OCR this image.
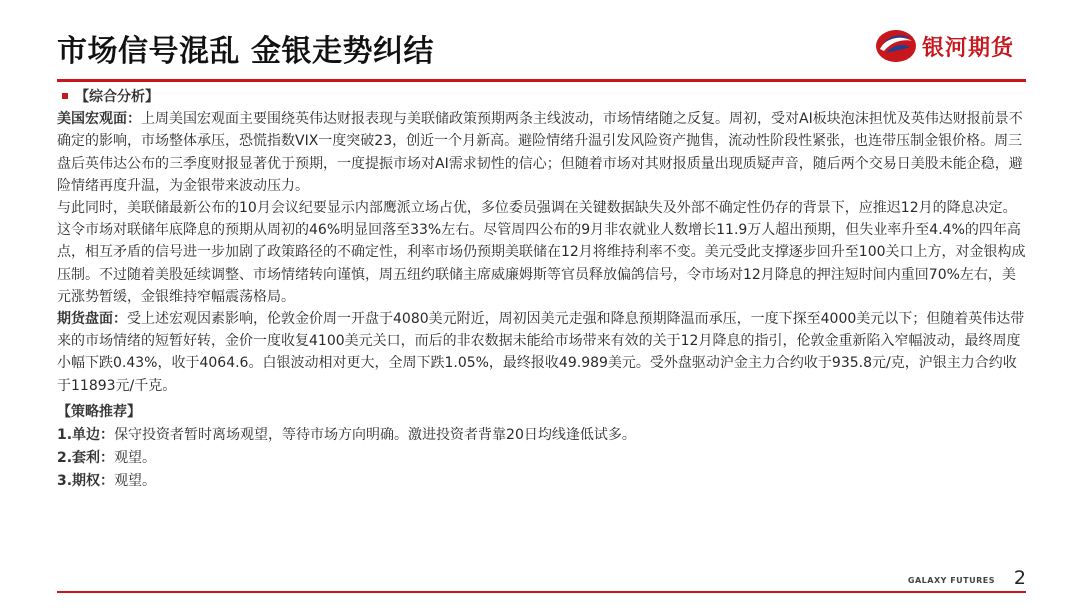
市场信号混乱 金银走势纠结	银河期货

【综合分析】

美国宏观面：上周美国宏观面主要围绕英伟达财报表现与美联储政策预期两条主线波动，市场情绪随之反复。周初，受对AI板块泡沫担忧及英伟达财报前景不确定的影响，市场整体承压，恐慌指数VIX一度突破23，创近一个月新高。避险情绪升温引发风险资产抛售，流动性阶段性紧张，也连带压制金银价格。周三盘后英伟达公布的三季度财报显著优于预期，一度提振市场对AI需求韧性的信心；但随着市场对其财报质量出现质疑声音，随后两个交易日美股未能企稳，避险情绪再度升温，为金银带来波动压力。

与此同时，美联储最新公布的10月会议纪要显示内部鹰派立场占优，多位委员强调在关键数据缺失及外部不确定性仍存的背景下，应推迟12月的降息决定。这令市场对联储年底降息的预期从周初的46%明显回落至33%左右。尽管周四公布的9月非农就业人数增长11.9万人超出预期，但失业率升至4.4%的四年高点，相互矛盾的信号进一步加剧了政策路径的不确定性，利率市场仍预期美联储在12月将维持利率不变。美元受此支撑逐步回升至100关口上方，对金银构成压制。不过随着美股延续调整、市场情绪转向谨慎，周五纽约联储主席威廉姆斯等官员释放偏鸽信号，令市场对12月降息的押注短时间内重回70%左右，美元涨势暂缓，金银维持窄幅震荡格局。

期货盘面：受上述宏观因素影响，伦敦金价周一开盘于4080美元附近，周初因美元走强和降息预期降温而承压，一度下探至4000美元以下；但随着英伟达带来的市场情绪的短暂好转，金价一度收复4100美元关口，而后的非农数据未能给市场带来有效的关于12月降息的指引，伦敦金重新陷入窄幅波动，最终周度小幅下跌0.43%，收于4064.6。白银波动相对更大，全周下跌1.05%，最终报收49.989美元。受外盘驱动沪金主力合约收于935.8元/克，沪银主力合约收于11893元/千克。

【策略推荐】

1.单边：保守投资者暂时离场观望，等待市场方向明确。激进投资者背靠20日均线逢低试多。

2.套利：观望。

3.期权：观望。

GALAXY FUTURES 2
